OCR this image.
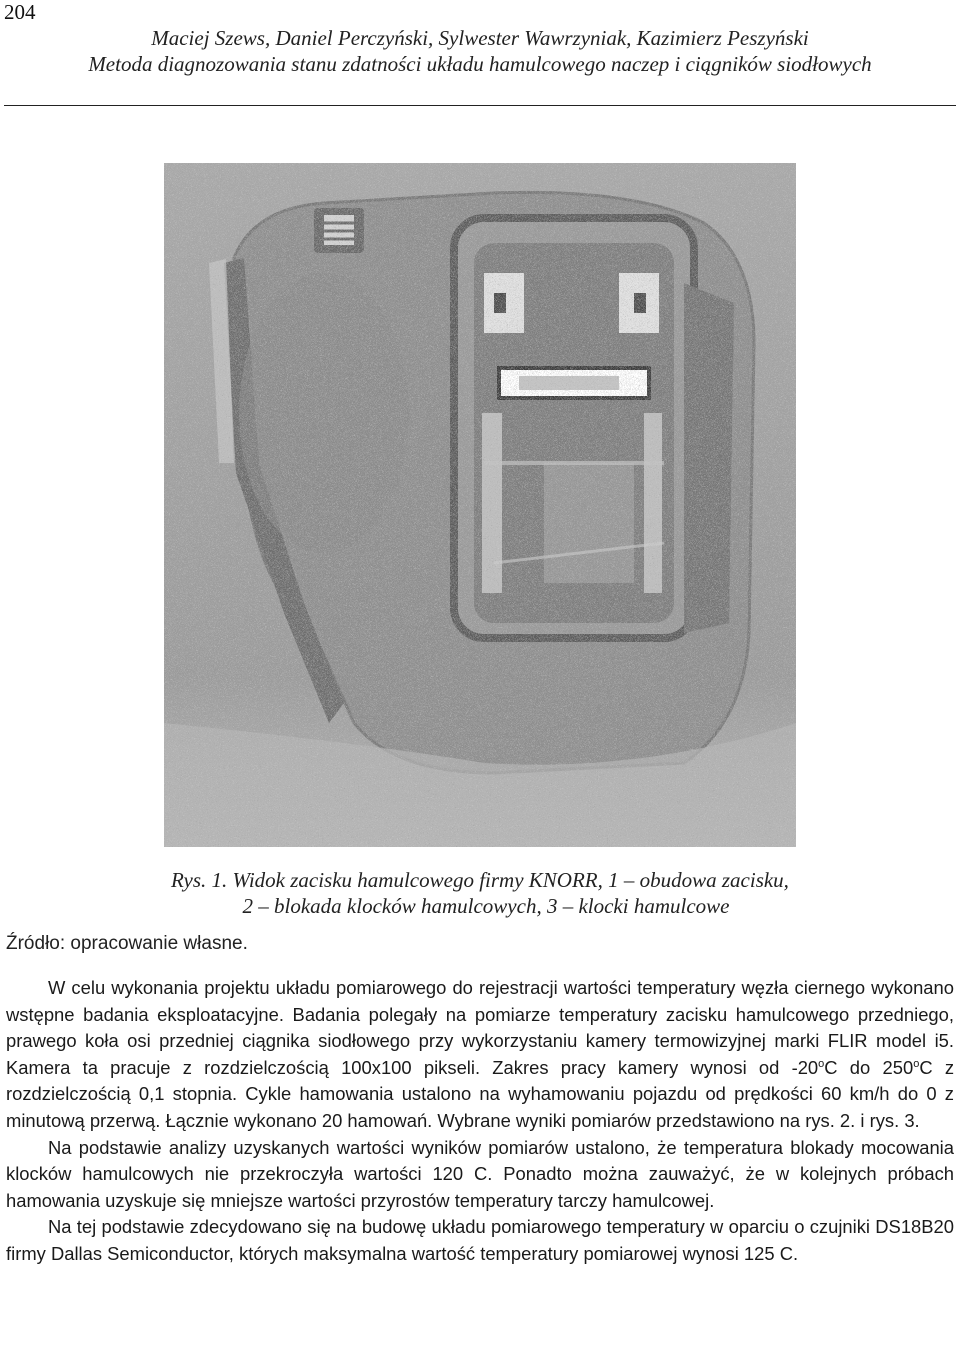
204
Maciej Szews, Daniel Perczyński, Sylwester Wawrzyniak, Kazimierz Peszyński
Metoda diagnozowania stanu zdatności układu hamulcowego naczep i ciągników siodłowych
Rys. 1. Widok zacisku hamulcowego firmy KNORR, 1 – obudowa zacisku,
2 – blokada klocków hamulcowych, 3 – klocki hamulcowe
Źródło: opracowanie własne.

W celu wykonania projektu układu pomiarowego do rejestracji wartości temperatury węzła ciernego wykonano wstępne badania eksploatacyjne. Badania polegały na pomiarze temperatury zacisku hamulcowego przedniego, prawego koła osi przedniej ciągnika siodłowego przy wykorzystaniu kamery termowizyjnej marki FLIR model i5. Kamera ta pracuje z rozdzielczością 100x100 pikseli. Zakres pracy kamery wynosi od -20$^o$C do 250$^o$C z rozdzielczością 0,1 stopnia. Cykle hamowania ustalono na wyhamowaniu pojazdu od prędkości 60 km/h do 0 z minutową przerwą. Łącznie wykonano 20 hamowań. Wybrane wyniki pomiarów przedstawiono na rys. 2. i rys. 3.

Na podstawie analizy uzyskanych wartości wyników pomiarów ustalono, że temperatura blokady mocowania klocków hamulcowych nie przekroczyła wartości 120 C. Ponadto można zauważyć, że w kolejnych próbach hamowania uzyskuje się mniejsze wartości przyrostów temperatury tarczy hamulcowej.

Na tej podstawie zdecydowano się na budowę układu pomiarowego temperatury w oparciu o czujniki DS18B20 firmy Dallas Semiconductor, których maksymalna wartość temperatury pomiarowej wynosi 125 C.
